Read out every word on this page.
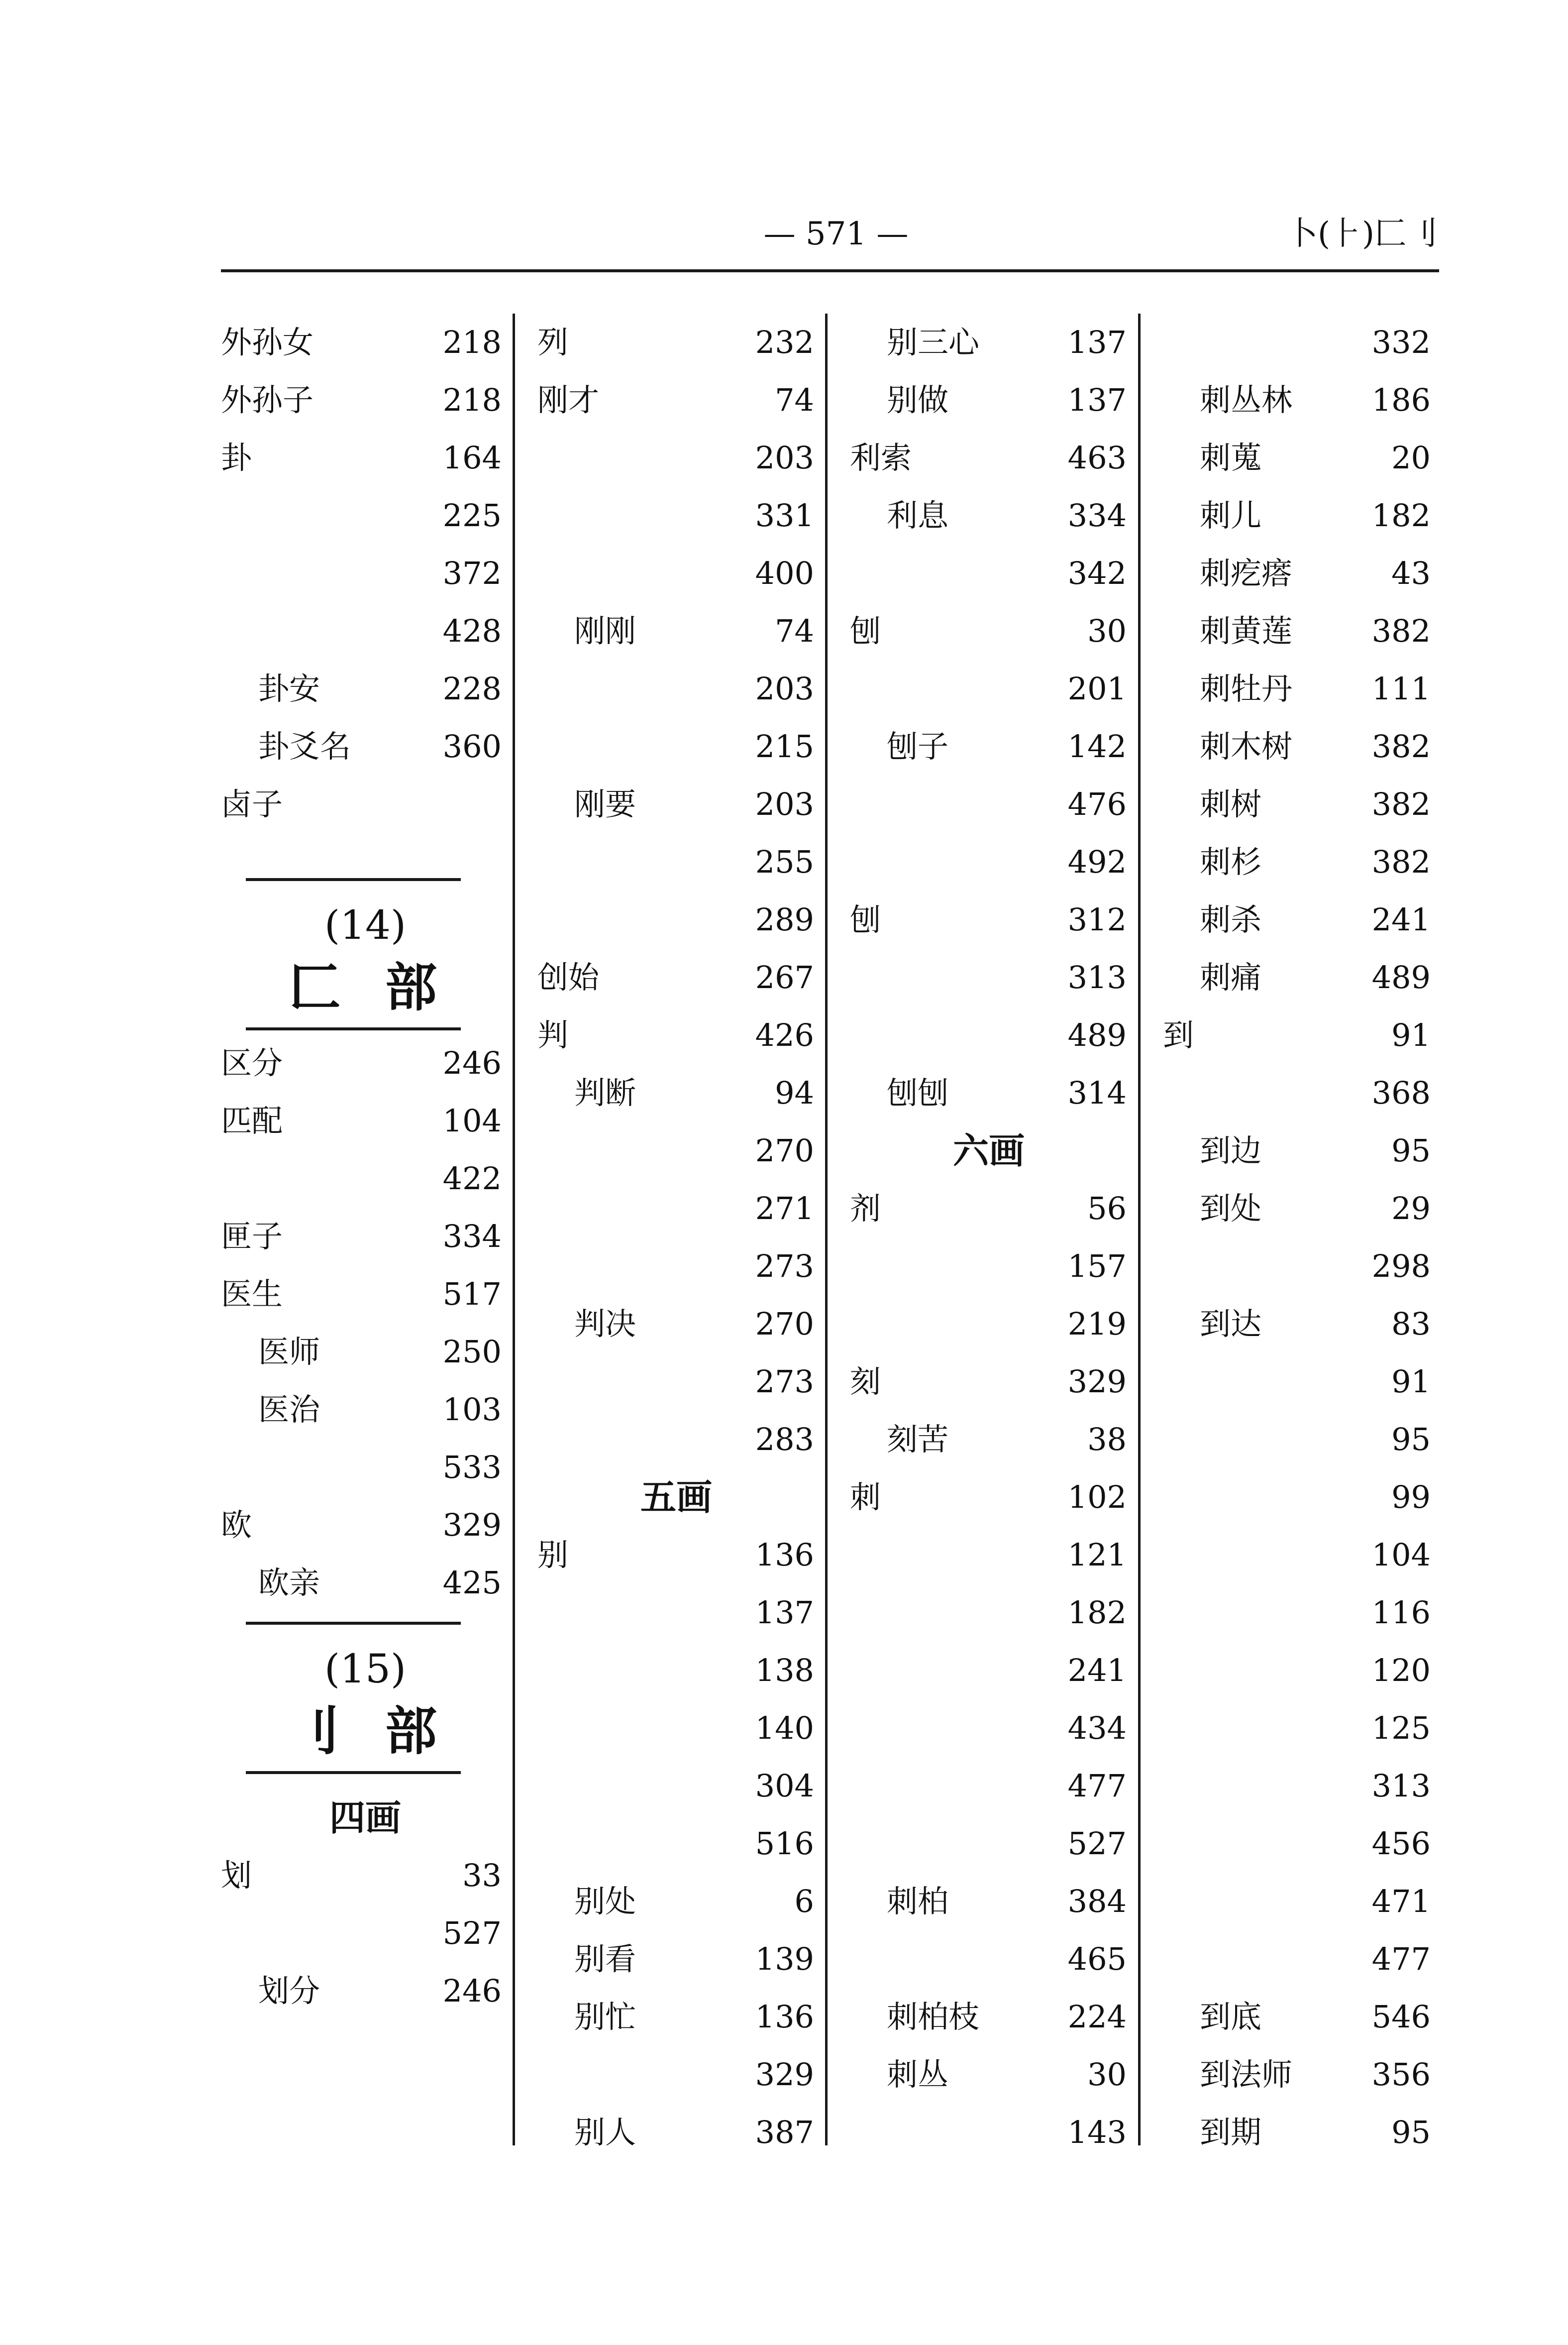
— 571 —	卜(⺊)匚刂
外孙女	218
外孙子	218
卦	164
225
372
428
卦安	228
卦爻名	360
卤子
(14)
匚部
区分	246
匹配	104
422
匣子	334
医生	517
医师	250
医治	103
533
欧	329
欧亲	425
(15)
刂部
四画
划	33
527
划分	246
列	232
刚才	74
203
331
400
刚刚	74
203
215
刚要	203
255
289
创始	267
判	426
判断	94
270
271
273
判决	270
273
283
五画
别	136
137
138
140
304
516
别处	6
别看	139
别忙	136
329
别人	387
别三心	137
别做	137
利索	463
利息	334
342
刨	30
201
刨子	142
476
492
刨	312
313
489
刨刨	314
六画
剂	56
157
219
刻	329
刻苦	38
刺	102
121
182
241
434
477
527
刺柏	384
465
刺柏枝	224
刺丛	30
143
332
刺丛林	186
刺蒐	20
刺儿	182
刺疙瘩	43
刺黄莲	382
刺牡丹	111
刺木树	382
刺树	382
刺杉	382
刺杀	241
刺痛	489
到	91
368
到边	95
到处	29
298
到达	83
91
95
99
104
116
120
125
313
456
471
477
到底	546
到法师	356
到期	95
